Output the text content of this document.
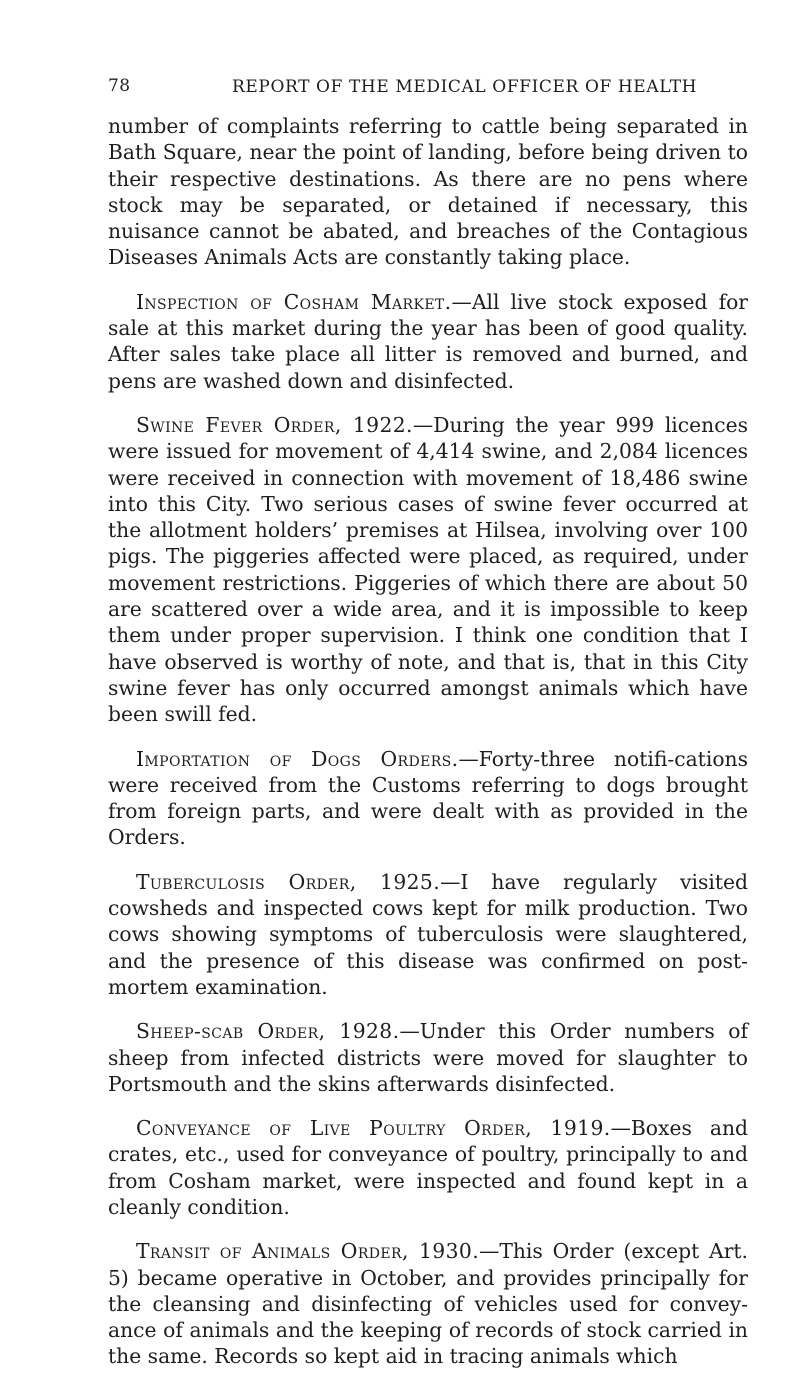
78	REPORT OF THE MEDICAL OFFICER OF HEALTH

number of complaints referring to cattle being separated in Bath Square, near the point of landing, before being driven to their respective destinations. As there are no pens where stock may be separated, or detained if necessary, this nuisance cannot be abated, and breaches of the Contagious Diseases Animals Acts are constantly taking place.

Inspection of Cosham Market.—All live stock exposed for sale at this market during the year has been of good quality. After sales take place all litter is removed and burned, and pens are washed down and disinfected.

Swine Fever Order, 1922.—During the year 999 licences were issued for movement of 4,414 swine, and 2,084 licences were received in connection with movement of 18,486 swine into this City. Two serious cases of swine fever occurred at the allotment holders’ premises at Hilsea, involving over 100 pigs. The piggeries affected were placed, as required, under movement restrictions. Piggeries of which there are about 50 are scattered over a wide area, and it is impossible to keep them under proper supervision. I think one condition that I have observed is worthy of note, and that is, that in this City swine fever has only occurred amongst animals which have been swill fed.

Importation of Dogs Orders.—Forty-three notifi-cations were received from the Customs referring to dogs brought from foreign parts, and were dealt with as provided in the Orders.

Tuberculosis Order, 1925.—I have regularly visited cowsheds and inspected cows kept for milk production. Two cows showing symptoms of tuberculosis were slaughtered, and the presence of this disease was confirmed on post-mortem examination.

Sheep-scab Order, 1928.—Under this Order numbers of sheep from infected districts were moved for slaughter to Portsmouth and the skins afterwards disinfected.

Conveyance of Live Poultry Order, 1919.—Boxes and crates, etc., used for conveyance of poultry, principally to and from Cosham market, were inspected and found kept in a cleanly condition.

Transit of Animals Order, 1930.—This Order (except Art. 5) became operative in October, and provides principally for the cleansing and disinfecting of vehicles used for convey-ance of animals and the keeping of records of stock carried in the same. Records so kept aid in tracing animals which
